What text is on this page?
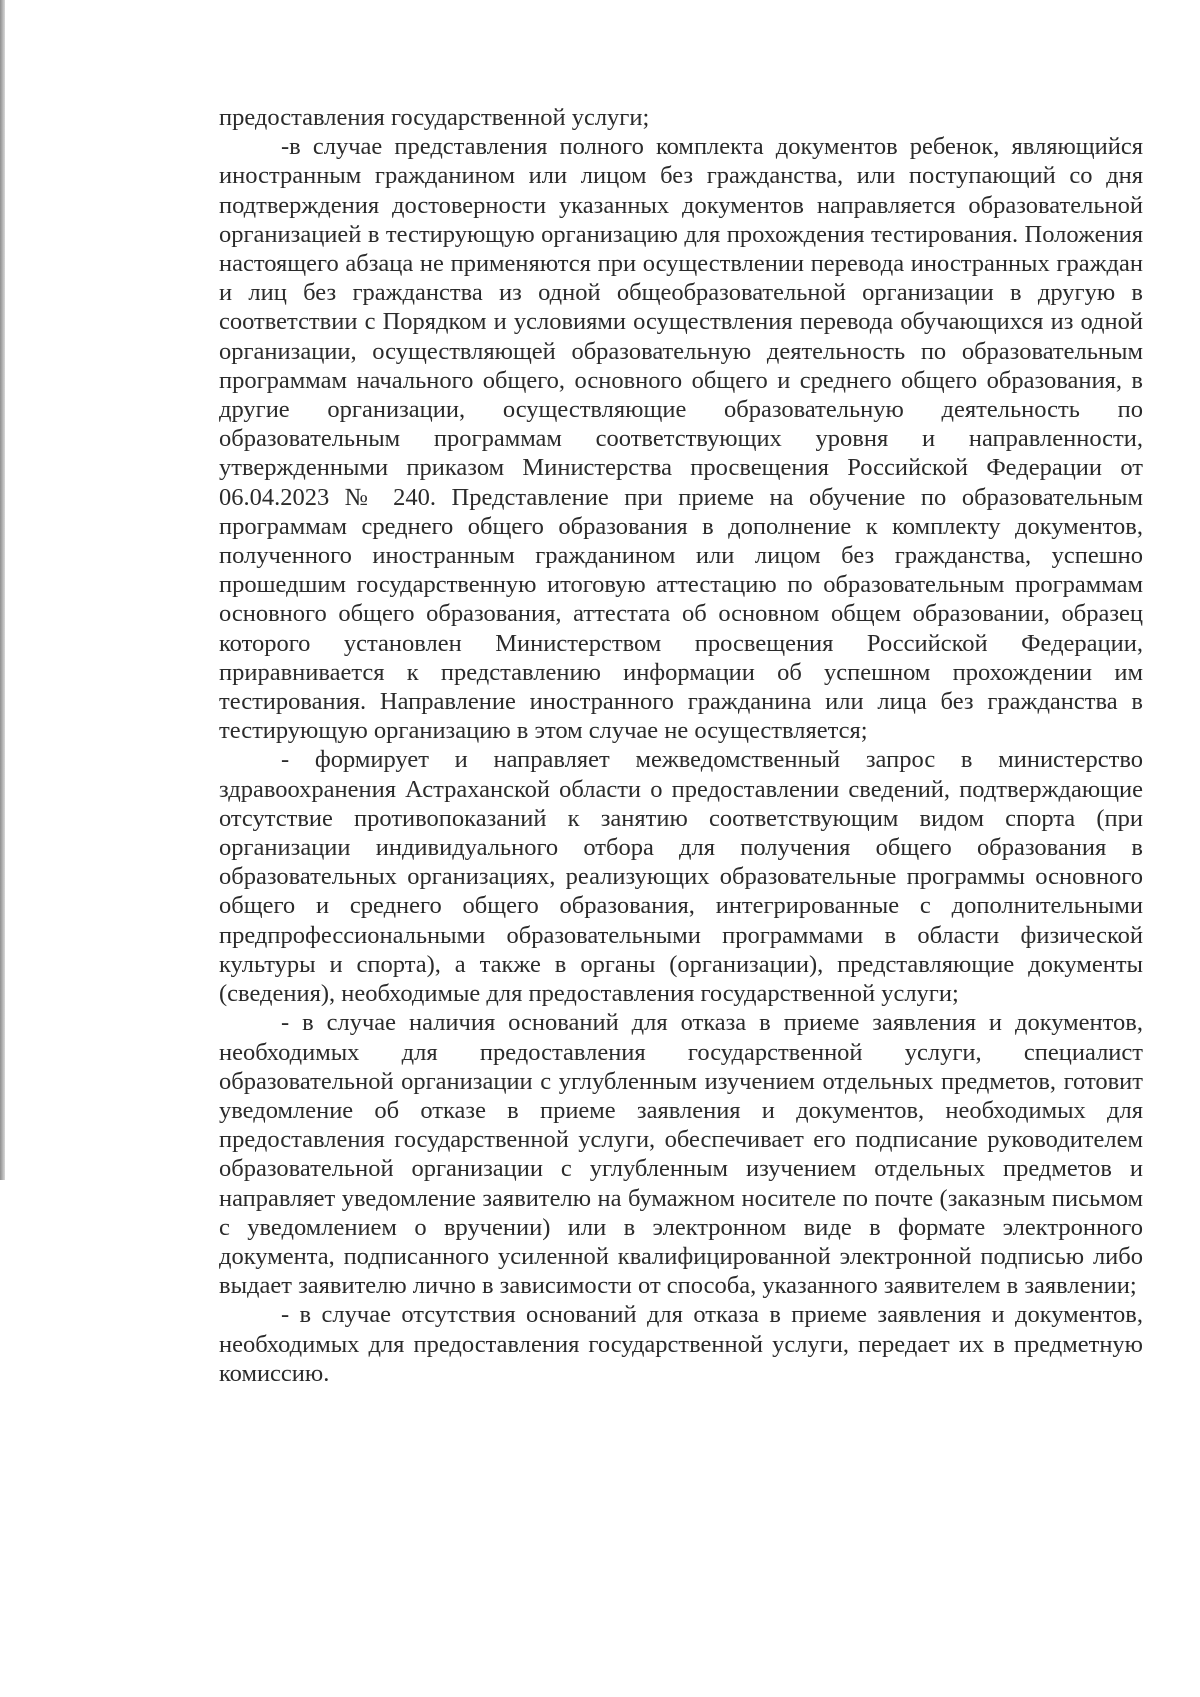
предоставления государственной услуги;

-в случае представления полного комплекта документов ребенок, являющийся иностранным гражданином или лицом без гражданства, или поступающий со дня подтверждения достоверности указанных документов направляется образовательной организацией в тестирующую организацию для прохождения тестирования. Положения настоящего абзаца не применяются при осуществлении перевода иностранных граждан и лиц без гражданства из одной общеобразовательной организации в другую в соответствии с Порядком и условиями осуществления перевода обучающихся из одной организации, осуществляющей образовательную деятельность по образовательным программам начального общего, основного общего и среднего общего образования, в другие организации, осуществляющие образовательную деятельность по образовательным программам соответствующих уровня и направленности, утвержденными приказом Министерства просвещения Российской Федерации от 06.04.2023 № 240. Представление при приеме на обучение по образовательным программам среднего общего образования в дополнение к комплекту документов, полученного иностранным гражданином или лицом без гражданства, успешно прошедшим государственную итоговую аттестацию по образовательным программам основного общего образования, аттестата об основном общем образовании, образец которого установлен Министерством просвещения Российской Федерации, приравнивается к представлению информации об успешном прохождении им тестирования. Направление иностранного гражданина или лица без гражданства в тестирующую организацию в этом случае не осуществляется;

- формирует и направляет межведомственный запрос в министерство здравоохранения Астраханской области о предоставлении сведений, подтверждающие отсутствие противопоказаний к занятию соответствующим видом спорта (при организации индивидуального отбора для получения общего образования в образовательных организациях, реализующих образовательные программы основного общего и среднего общего образования, интегрированные с дополнительными предпрофессиональными образовательными программами в области физической культуры и спорта), а также в органы (организации), представляющие документы (сведения), необходимые для предоставления государственной услуги;

- в случае наличия оснований для отказа в приеме заявления и документов, необходимых для предоставления государственной услуги, специалист образовательной организации с углубленным изучением отдельных предметов, готовит уведомление об отказе в приеме заявления и документов, необходимых для предоставления государственной услуги, обеспечивает его подписание руководителем образовательной организации с углубленным изучением отдельных предметов и направляет уведомление заявителю на бумажном носителе по почте (заказным письмом с уведомлением о вручении) или в электронном виде в формате электронного документа, подписанного усиленной квалифицированной электронной подписью либо выдает заявителю лично в зависимости от способа, указанного заявителем в заявлении;

- в случае отсутствия оснований для отказа в приеме заявления и документов, необходимых для предоставления государственной услуги, передает их в предметную комиссию.
